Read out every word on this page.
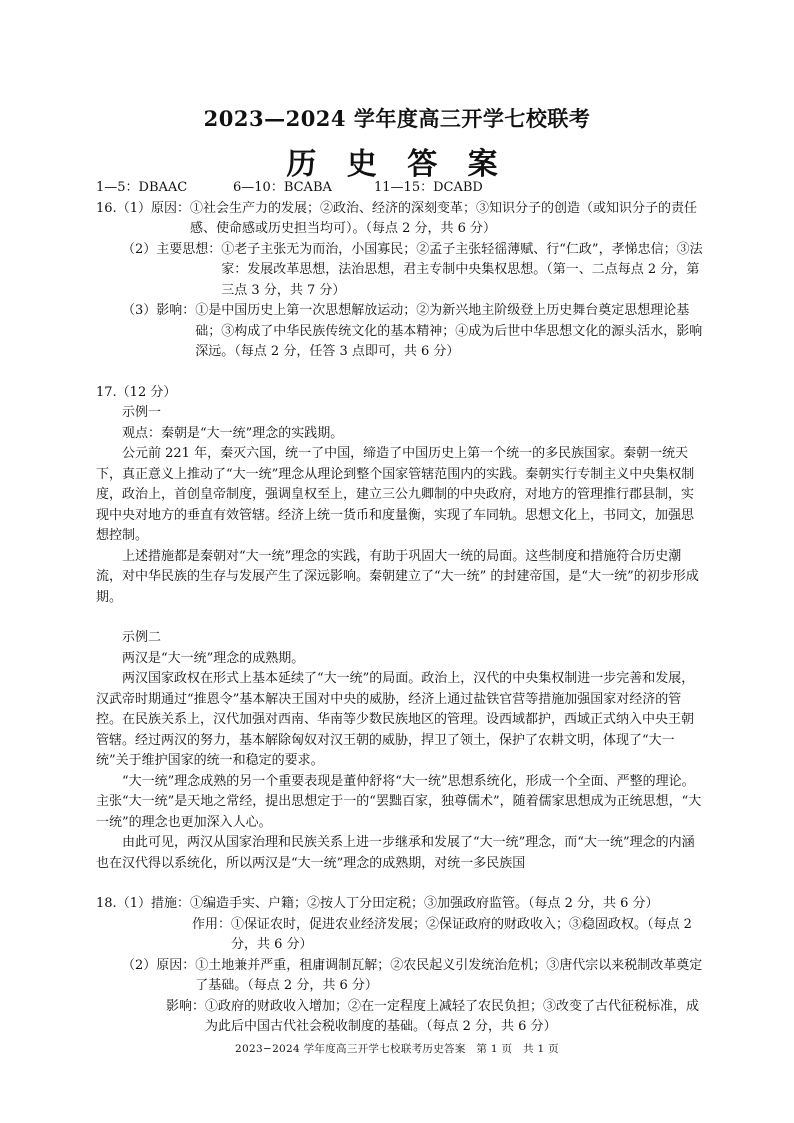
2023—2024 学年度高三开学七校联考
历 史 答 案
1—5：DBAAC	6—10：BCABA	11—15：DCABD
16. （1）原因： ①社会生产力的发展；②政治、经济的深刻变革；③知识分子的创造（或知识分子的责任感、使命感或历史担当均可）。（每点 2 分，共 6 分）
（2）主要思想： ①老子主张无为而治，小国寡民；②孟子主张轻徭薄赋、行“仁政”，孝悌忠信；③法家：发展改革思想，法治思想，君主专制中央集权思想。（第一、二点每点 2 分，第三点 3 分，共 7 分）
（3）影响： ①是中国历史上第一次思想解放运动；②为新兴地主阶级登上历史舞台奠定思想理论基础；③构成了中华民族传统文化的基本精神；④成为后世中华思想文化的源头活水，影响深远。（每点 2 分，任答 3 点即可，共 6 分）

17.（12 分）

示例一

观点：秦朝是“大一统”理念的实践期。

公元前 221 年，秦灭六国，统一了中国，缔造了中国历史上第一个统一的多民族国家。秦朝一统天下，真正意义上推动了“大一统”理念从理论到整个国家管辖范围内的实践。秦朝实行专制主义中央集权制度，政治上，首创皇帝制度，强调皇权至上，建立三公九卿制的中央政府，对地方的管理推行郡县制，实现中央对地方的垂直有效管辖。经济上统一货币和度量衡，实现了车同轨。思想文化上，书同文，加强思想控制。

上述措施都是秦朝对“大一统”理念的实践，有助于巩固大一统的局面。这些制度和措施符合历史潮流，对中华民族的生存与发展产生了深远影响。秦朝建立了“大一统” 的封建帝国，是“大一统”的初步形成期。

示例二

两汉是“大一统”理念的成熟期。

两汉国家政权在形式上基本延续了“大一统”的局面。政治上，汉代的中央集权制进一步完善和发展，汉武帝时期通过“推恩令”基本解决王国对中央的威胁，经济上通过盐铁官营等措施加强国家对经济的管控。在民族关系上，汉代加强对西南、华南等少数民族地区的管理。设西域都护，西域正式纳入中央王朝管辖。经过两汉的努力，基本解除匈奴对汉王朝的威胁，捍卫了领土，保护了农耕文明，体现了“大一统”关于维护国家的统一和稳定的要求。

“大一统”理念成熟的另一个重要表现是董仲舒将“大一统”思想系统化，形成一个全面、严整的理论。主张“大一统”是天地之常经，提出思想定于一的“罢黜百家，独尊儒术”，随着儒家思想成为正统思想，“大一统”的理念也更加深入人心。

由此可见，两汉从国家治理和民族关系上进一步继承和发展了“大一统”理念，而“大一统”理念的内涵也在汉代得以系统化，所以两汉是“大一统”理念的成熟期，对统一多民族国

18. （1）措施： ①编造手实、户籍；②按人丁分田定税；③加强政府监管。（每点 2 分，共 6 分）
作用： ①保证农时，促进农业经济发展；②保证政府的财政收入；③稳固政权。（每点 2 分，共 6 分）
（2）原因： ①土地兼并严重，租庸调制瓦解；②农民起义引发统治危机；③唐代宗以来税制改革奠定了基础。（每点 2 分，共 6 分）
影响： ①政府的财政收入增加；②在一定程度上减轻了农民负担；③改变了古代征税标准，成为此后中国古代社会税收制度的基础。（每点 2 分，共 6 分）
2023−2024 学年度高三开学七校联考历史答案　第 1 页　共 1 页
